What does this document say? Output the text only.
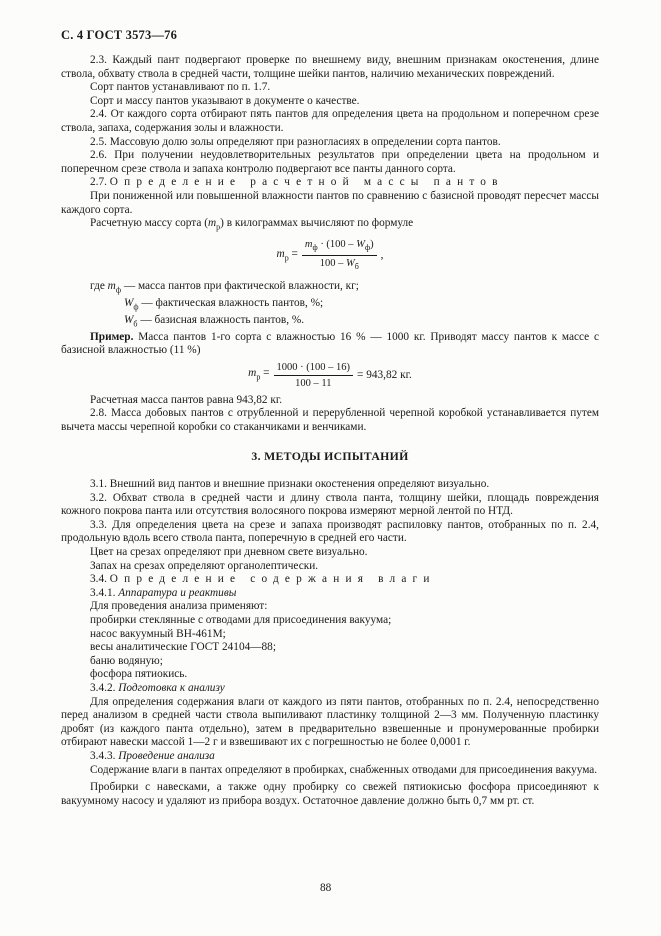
С. 4 ГОСТ 3573—76

2.3. Каждый пант подвергают проверке по внешнему виду, внешним признакам окостенения, длине ствола, обхвату ствола в средней части, толщине шейки пантов, наличию механических повреждений.

Сорт пантов устанавливают по п. 1.7.

Сорт и массу пантов указывают в документе о качестве.

2.4. От каждого сорта отбирают пять пантов для определения цвета на продольном и поперечном срезе ствола, запаха, содержания золы и влажности.

2.5. Массовую долю золы определяют при разногласиях в определении сорта пантов.

2.6. При получении неудовлетворительных результатов при определении цвета на продольном и поперечном срезе ствола и запаха контролю подвергают все панты данного сорта.

2.7. Определение расчетной массы пантов

При пониженной или повышенной влажности пантов по сравнению с базисной проводят пересчет массы каждого сорта.

Расчетную массу сорта $(m_р)$ в килограммах вычисляют по формуле

$m_р = \frac{m_ф \cdot (100 - W_ф)}{100 - W_б}$ ,

где $m_ф$ — масса пантов при фактической влажности, кг;

$W_ф$ — фактическая влажность пантов, %;

$W_б$ — базисная влажность пантов, %.

Пример. Масса пантов 1-го сорта с влажностью 16 % — 1000 кг. Приводят массу пантов к массе с базисной влажностью (11 %)

$m_р = \frac{1000 \cdot (100 - 16)}{100 - 11} = 943,82$ кг.

Расчетная масса пантов равна 943,82 кг.

2.8. Масса добовых пантов с отрубленной и перерубленной черепной коробкой устанавливается путем вычета массы черепной коробки со стаканчиками и венчиками.

3. МЕТОДЫ ИСПЫТАНИЙ

3.1. Внешний вид пантов и внешние признаки окостенения определяют визуально.

3.2. Обхват ствола в средней части и длину ствола панта, толщину шейки, площадь повреждения кожного покрова панта или отсутствия волосяного покрова измеряют мерной лентой по НТД.

3.3. Для определения цвета на срезе и запаха производят распиловку пантов, отобранных по п. 2.4, продольную вдоль всего ствола панта, поперечную в средней его части.

Цвет на срезах определяют при дневном свете визуально.

Запах на срезах определяют органолептически.

3.4. Определение содержания влаги

3.4.1. Аппаратура и реактивы

Для проведения анализа применяют:

пробирки стеклянные с отводами для присоединения вакуума;

насос вакуумный ВН-461М;

весы аналитические ГОСТ 24104—88;

баню водяную;

фосфора пятиокись.

3.4.2. Подготовка к анализу

Для определения содержания влаги от каждого из пяти пантов, отобранных по п. 2.4, непосредственно перед анализом в средней части ствола выпиливают пластинку толщиной 2—3 мм. Полученную пластинку дробят (из каждого панта отдельно), затем в предварительно взвешенные и пронумерованные пробирки отбирают навески массой 1—2 г и взвешивают их с погрешностью не более 0,0001 г.

3.4.3. Проведение анализа

Содержание влаги в пантах определяют в пробирках, снабженных отводами для присоединения вакуума.

Пробирки с навесками, а также одну пробирку со свежей пятиокисью фосфора присоединяют к вакуумному насосу и удаляют из прибора воздух. Остаточное давление должно быть 0,7 мм рт. ст.

88
